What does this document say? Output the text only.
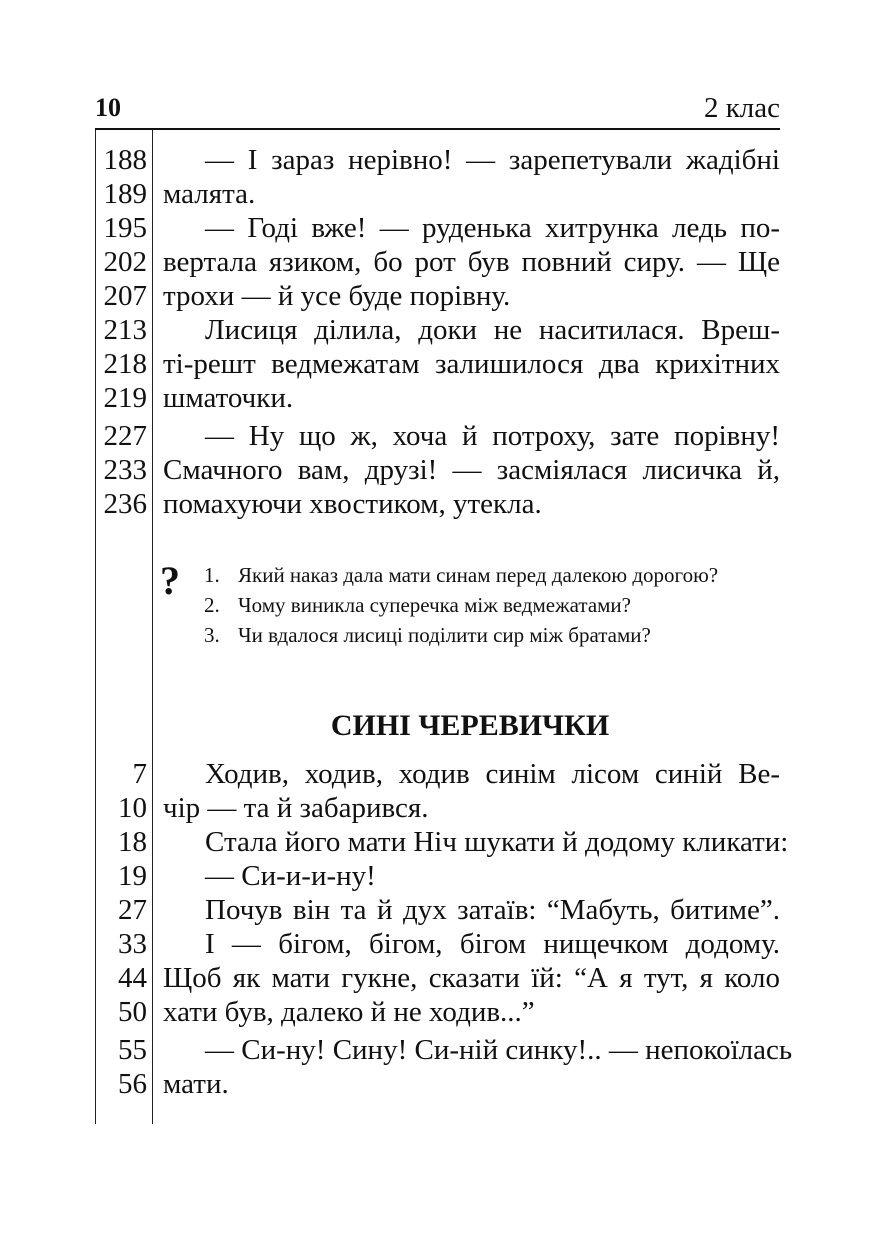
10	2 клас
188 — І зараз нерівно! — зарепетували жадібні
189 малята.
195 — Годі вже! — руденька хитрунка ледь по-
202 вертала язиком, бо рот був повний сиру. — Ще
207 трохи — й усе буде порівну.
213 Лисиця ділила, доки не наситилася. Вреш-
218 ті-решт ведмежатам залишилося два крихітних
219 шматочки.
227 — Ну що ж, хоча й потроху, зате порівну!
233 Смачного вам, друзі! — засміялася лисичка й,
236 помахуючи хвостиком, утекла.
? 1. Який наказ дала мати синам перед далекою дорогою?
2. Чому виникла суперечка між ведмежатами?
3. Чи вдалося лисиці поділити сир між братами?
СИНІ ЧЕРЕВИЧКИ
7 Ходив, ходив, ходив синім лісом синій Ве-
10 чір — та й забарився.
18 Стала його мати Ніч шукати й додому кликати:
19 — Си-и-и-ну!
27 Почув він та й дух затаїв: “Мабуть, битиме”.
33 І — бігом, бігом, бігом нищечком додому.
44 Щоб як мати гукне, сказати їй: “А я тут, я коло
50 хати був, далеко й не ходив...”
55 — Си-ну! Сину! Си-ній синку!.. — непокоїлась
56 мати.
